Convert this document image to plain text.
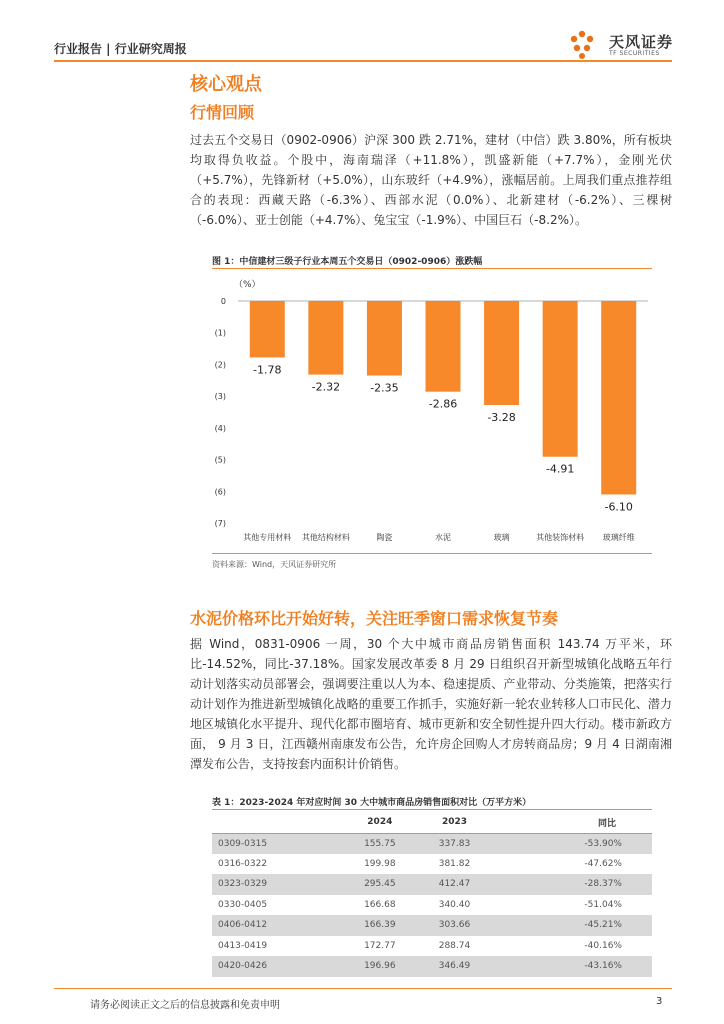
行业报告 | 行业研究周报	天风证券
TF SECURITIES
核心观点
行情回顾
过去五个交易日（0902-0906）沪深 300 跌 2.71%，建材（中信）跌 3.80%，所有板块均取得负收益。个股中，海南瑞泽（+11.8%），凯盛新能（+7.7%），金刚光伏（+5.7%），先锋新材（+5.0%），山东玻纤（+4.9%），涨幅居前。上周我们重点推荐组合的表现：西藏天路（-6.3%）、西部水泥（0.0%）、北新建材（-6.2%）、三棵树（-6.0%）、亚士创能（+4.7%）、兔宝宝（-1.9%）、中国巨石（-8.2%）。
图 1：中信建材三级子行业本周五个交易日（0902-0906）涨跌幅
（%）
0
(1)
(2)
(3)
(4)
(5)
(6)
(7)
-1.78
-2.32	-2.35
-2.86
-3.28
-4.91
-6.10
其他专用材料 其他结构材料	陶瓷	水泥	玻璃	其他装饰材料 玻璃纤维
资料来源：Wind，天风证券研究所
水泥价格环比开始好转，关注旺季窗口需求恢复节奏
据 Wind，0831-0906 一周，30 个大中城市商品房销售面积 143.74 万平米，环比-14.52%，同比-37.18%。国家发展改革委 8 月 29 日组织召开新型城镇化战略五年行动计划落实动员部署会，强调要注重以人为本、稳速提质、产业带动、分类施策，把落实行动计划作为推进新型城镇化战略的重要工作抓手，实施好新一轮农业转移人口市民化、潜力地区城镇化水平提升、现代化都市圈培育、城市更新和安全韧性提升四大行动。楼市新政方面， 9 月 3 日，江西赣州南康发布公告，允许房企回购人才房转商品房；9 月 4 日湖南湘潭发布公告，支持按套内面积计价销售。
表 1：2023-2024 年对应时间 30 大中城市商品房销售面积对比（万平方米）
	2024	2023	同比
0309-0315	155.75	337.83	-53.90%
0316-0322	199.98	381.82	-47.62%
0323-0329	295.45	412.47	-28.37%
0330-0405	166.68	340.40	-51.04%
0406-0412	166.39	303.66	-45.21%
0413-0419	172.77	288.74	-40.16%
0420-0426	196.96	346.49	-43.16%
请务必阅读正文之后的信息披露和免责申明	3
